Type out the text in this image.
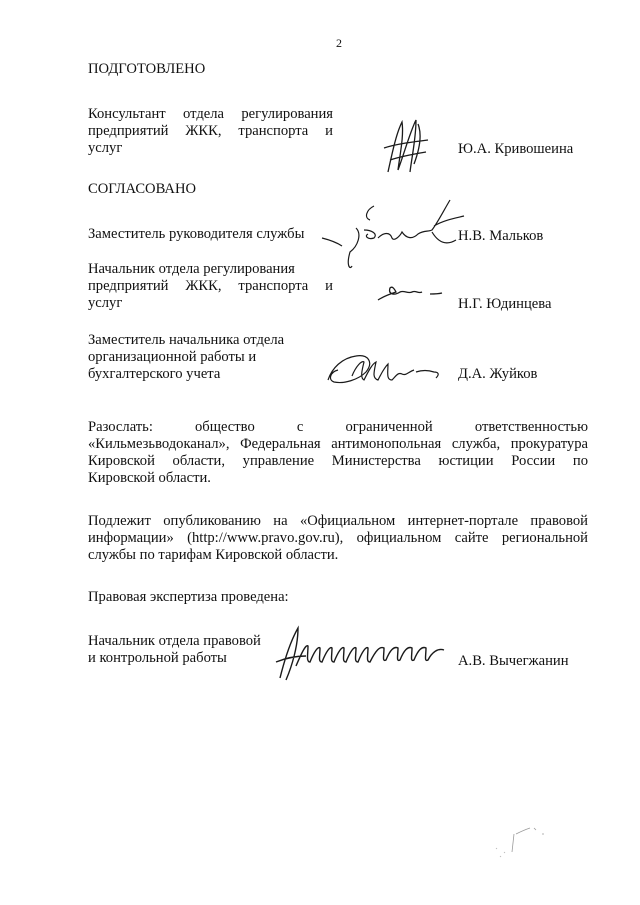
2
ПОДГОТОВЛЕНО
Консультант отдела регулирования
предприятий ЖКК, транспорта и
услуг	Ю.А. Кривошеина
СОГЛАСОВАНО
Заместитель руководителя службы	Н.В. Мальков
Начальник отдела регулирования
предприятий ЖКК, транспорта и
услуг	Н.Г. Юдинцева
Заместитель начальника отдела
организационной работы и
бухгалтерского учета	Д.А. Жуйков
Разослать: общество с ограниченной ответственностью
«Кильмезьводоканал», Федеральная антимонопольная служба, прокуратура
Кировской области, управление Министерства юстиции России по
Кировской области.
Подлежит опубликованию на «Официальном интернет-портале правовой
информации» (http://www.pravo.gov.ru), официальном сайте региональной
службы по тарифам Кировской области.
Правовая экспертиза проведена:
Начальник отдела правовой
и контрольной работы	А.В. Вычегжанин
